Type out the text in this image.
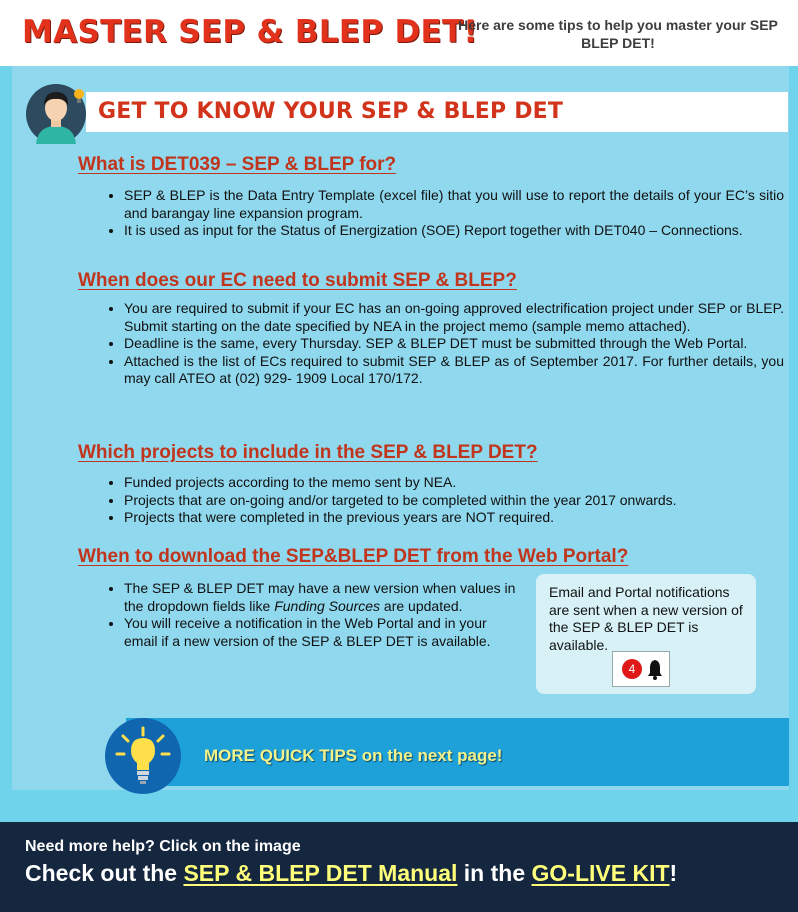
MASTER SEP & BLEP DET!
Here are some tips to help you master your SEP BLEP DET!
GET TO KNOW YOUR SEP & BLEP DET
What is DET039 – SEP & BLEP for?
• SEP & BLEP is the Data Entry Template (excel file) that you will use to report the details of your EC’s sitio and barangay line expansion program.
• It is used as input for the Status of Energization (SOE) Report together with DET040 – Connections.
When does our EC need to submit SEP & BLEP?
• You are required to submit if your EC has an on-going approved electrification project under SEP or BLEP. Submit starting on the date specified by NEA in the project memo (sample memo attached).
• Deadline is the same, every Thursday. SEP & BLEP DET must be submitted through the Web Portal.
• Attached is the list of ECs required to submit SEP & BLEP as of September 2017. For further details, you may call ATEO at (02) 929- 1909 Local 170/172.
Which projects to include in the SEP & BLEP DET?
• Funded projects according to the memo sent by NEA.
• Projects that are on-going and/or targeted to be completed within the year 2017 onwards.
• Projects that were completed in the previous years are NOT required.
When to download the SEP&BLEP DET from the Web Portal?
• The SEP & BLEP DET may have a new version when values in the dropdown fields like Funding Sources are updated.
• You will receive a notification in the Web Portal and in your email if a new version of the SEP & BLEP DET is available.
Email and Portal notifications are sent when a new version of the SEP & BLEP DET is available.
4
MORE QUICK TIPS on the next page!
Need more help? Click on the image
Check out the SEP & BLEP DET Manual in the GO-LIVE KIT!
